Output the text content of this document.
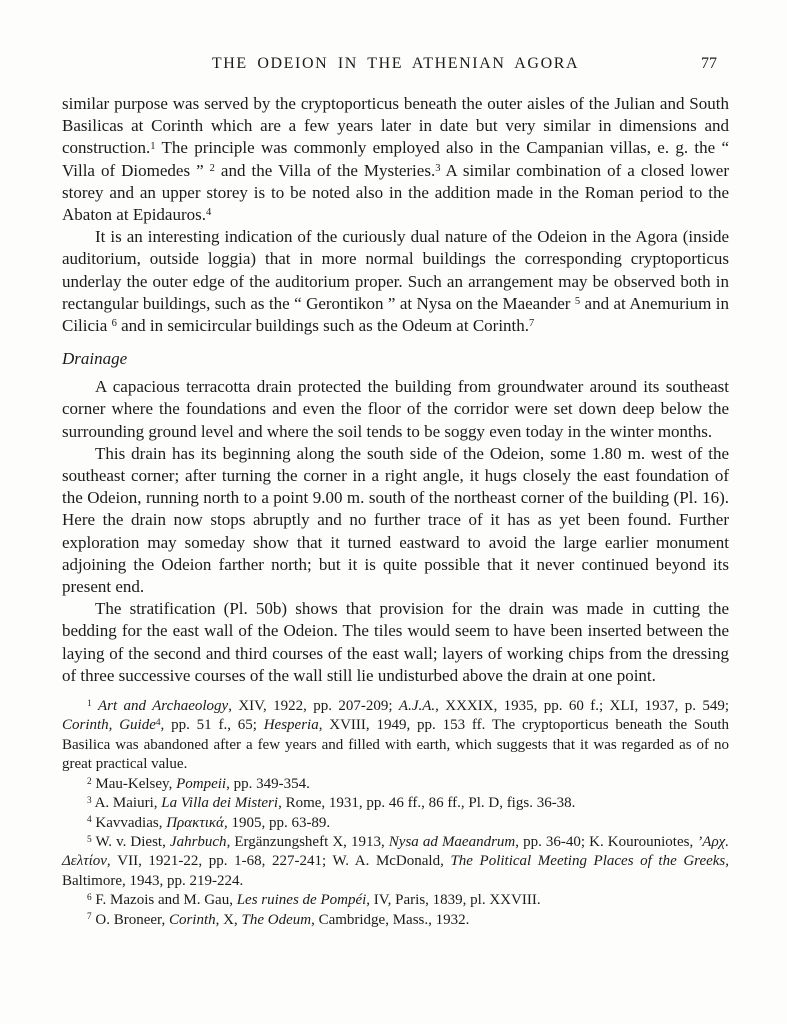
THE ODEION IN THE ATHENIAN AGORA	77

similar purpose was served by the cryptoporticus beneath the outer aisles of the Julian and South Basilicas at Corinth which are a few years later in date but very similar in dimensions and construction.$^1$ The principle was commonly employed also in the Campanian villas, e. g. the “ Villa of Diomedes ” $^2$ and the Villa of the Mysteries.$^3$ A similar combination of a closed lower storey and an upper storey is to be noted also in the addition made in the Roman period to the Abaton at Epidauros.$^4$

It is an interesting indication of the curiously dual nature of the Odeion in the Agora (inside auditorium, outside loggia) that in more normal buildings the corresponding cryptoporticus underlay the outer edge of the auditorium proper. Such an arrangement may be observed both in rectangular buildings, such as the “ Gerontikon ” at Nysa on the Maeander $^5$ and at Anemurium in Cilicia $^6$ and in semicircular buildings such as the Odeum at Corinth.$^7$

Drainage

A capacious terracotta drain protected the building from groundwater around its southeast corner where the foundations and even the floor of the corridor were set down deep below the surrounding ground level and where the soil tends to be soggy even today in the winter months.

This drain has its beginning along the south side of the Odeion, some 1.80 m. west of the southeast corner; after turning the corner in a right angle, it hugs closely the east foundation of the Odeion, running north to a point 9.00 m. south of the northeast corner of the building (Pl. 16). Here the drain now stops abruptly and no further trace of it has as yet been found. Further exploration may someday show that it turned eastward to avoid the large earlier monument adjoining the Odeion farther north; but it is quite possible that it never continued beyond its present end.

The stratification (Pl. 50b) shows that provision for the drain was made in cutting the bedding for the east wall of the Odeion. The tiles would seem to have been inserted between the laying of the second and third courses of the east wall; layers of working chips from the dressing of three successive courses of the wall still lie undisturbed above the drain at one point.

$^1$ Art and Archaeology, XIV, 1922, pp. 207-209; A.J.A., XXXIX, 1935, pp. 60 f.; XLI, 1937, p. 549; Corinth, Guide$^4$, pp. 51 f., 65; Hesperia, XVIII, 1949, pp. 153 ff. The cryptoporticus beneath the South Basilica was abandoned after a few years and filled with earth, which suggests that it was regarded as of no great practical value.

$^2$ Mau-Kelsey, Pompeii, pp. 349-354.

$^3$ A. Maiuri, La Villa dei Misteri, Rome, 1931, pp. 46 ff., 86 ff., Pl. D, figs. 36-38.

$^4$ Kavvadias, Πρακτικά, 1905, pp. 63-89.

$^5$ W. v. Diest, Jahrbuch, Ergänzungsheft X, 1913, Nysa ad Maeandrum, pp. 36-40; K. Kourouniotes, ’Αρχ. Δελτίον, VII, 1921-22, pp. 1-68, 227-241; W. A. McDonald, The Political Meeting Places of the Greeks, Baltimore, 1943, pp. 219-224.

$^6$ F. Mazois and M. Gau, Les ruines de Pompéi, IV, Paris, 1839, pl. XXVIII.

$^7$ O. Broneer, Corinth, X, The Odeum, Cambridge, Mass., 1932.
